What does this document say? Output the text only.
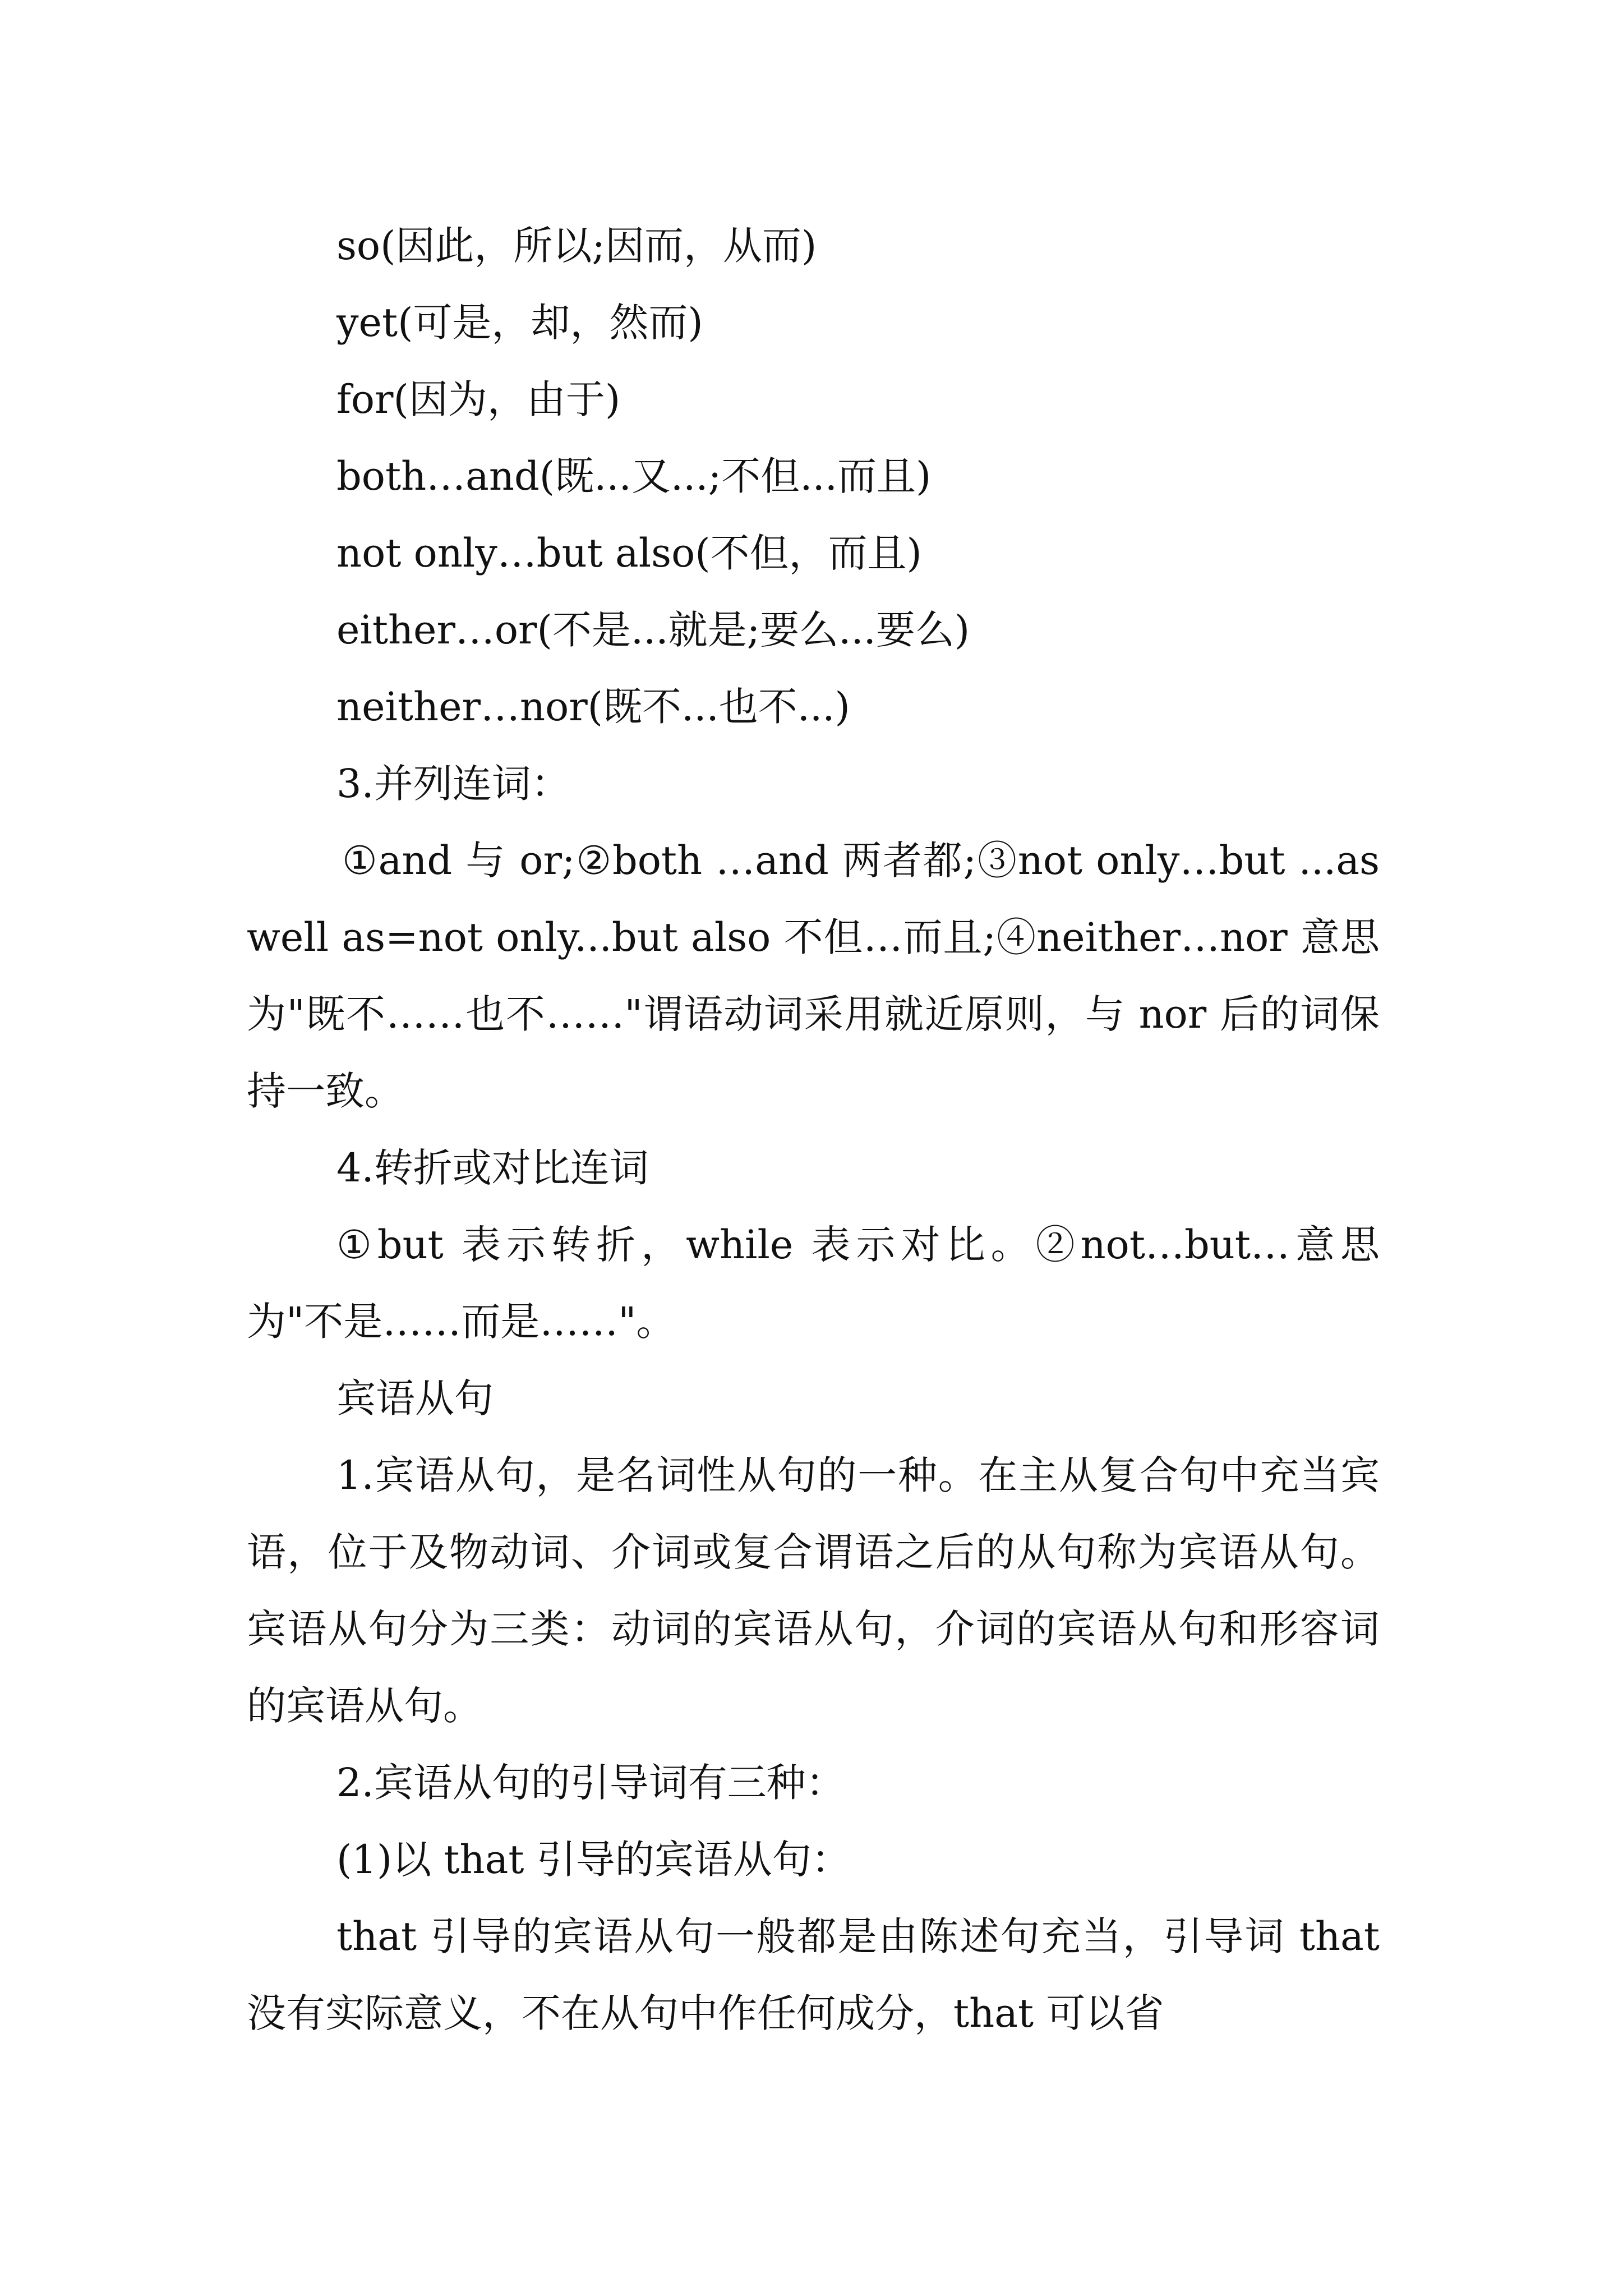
so(因此，所以;因而，从而)
yet(可是，却，然而)
for(因为，由于)
both…and(既...又...;不但...而且)
not only…but also(不但，而且)
either…or(不是...就是;要么...要么)
neither…nor(既不...也不...)
3.并列连词：
①and 与 or;②both …and 两者都;③not only…but ...as well as=not only...but also 不但…而且;④neither…nor 意思为"既不……也不……"谓语动词采用就近原则，与 nor 后的词保持一致。
4.转折或对比连词
①but 表示转折，while 表示对比。②not…but…意思为"不是……而是……"。
宾语从句
1.宾语从句，是名词性从句的一种。在主从复合句中充当宾语，位于及物动词、介词或复合谓语之后的从句称为宾语从句。宾语从句分为三类：动词的宾语从句，介词的宾语从句和形容词的宾语从句。
2.宾语从句的引导词有三种：
(1)以 that 引导的宾语从句：
that 引导的宾语从句一般都是由陈述句充当，引导词 that 没有实际意义，不在从句中作任何成分，that 可以省
